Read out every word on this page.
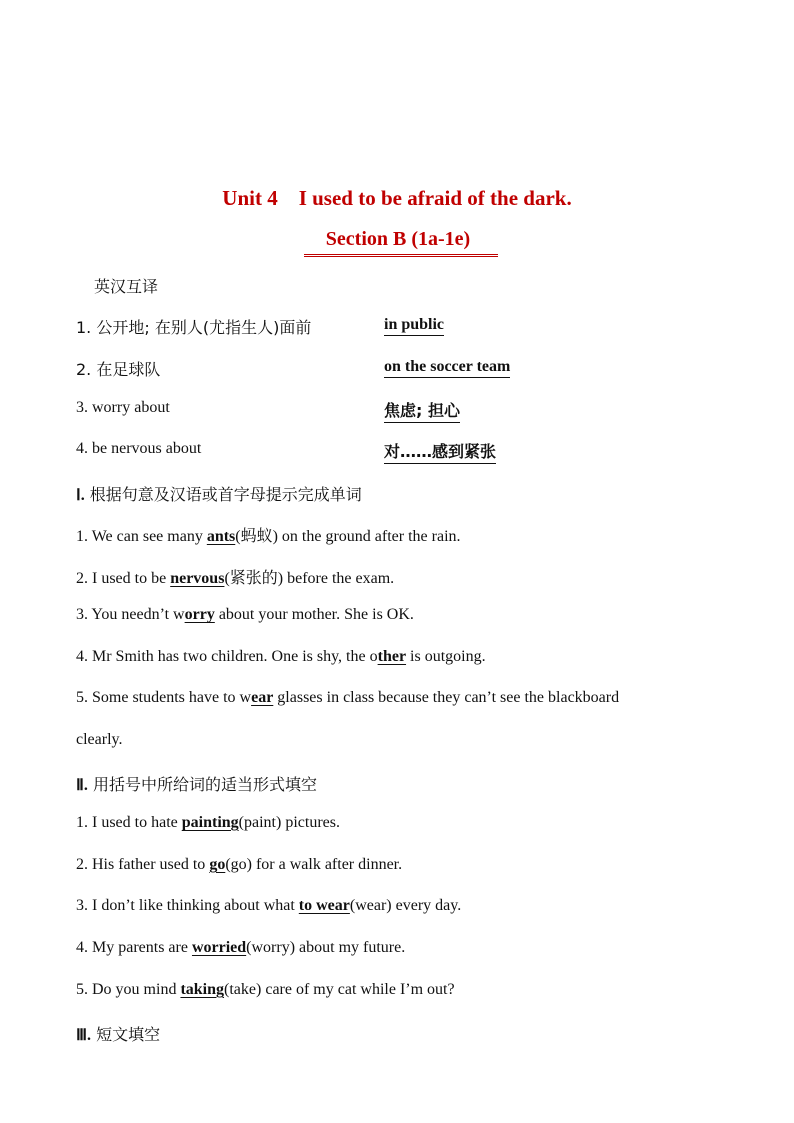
Unit 4    I used to be afraid of the dark.
Section B (1a-1e)
英汉互译
1. 公开地; 在别人(尤指生人)面前	in public
2. 在足球队	on the soccer team
3. worry about	焦虑; 担心
4. be nervous about	对……感到紧张
Ⅰ. 根据句意及汉语或首字母提示完成单词
1. We can see many ants(蚂蚁) on the ground after the rain.
2. I used to be nervous(紧张的) before the exam.
3. You needn’t worry about your mother. She is OK.
4. Mr Smith has two children. One is shy, the other is outgoing.
5. Some students have to wear glasses in class because they can’t see the blackboard
clearly.
Ⅱ. 用括号中所给词的适当形式填空
1. I used to hate painting(paint) pictures.
2. His father used to go(go) for a walk after dinner.
3. I don’t like thinking about what to wear(wear) every day.
4. My parents are worried(worry) about my future.
5. Do you mind taking(take) care of my cat while I’m out?
Ⅲ. 短文填空
